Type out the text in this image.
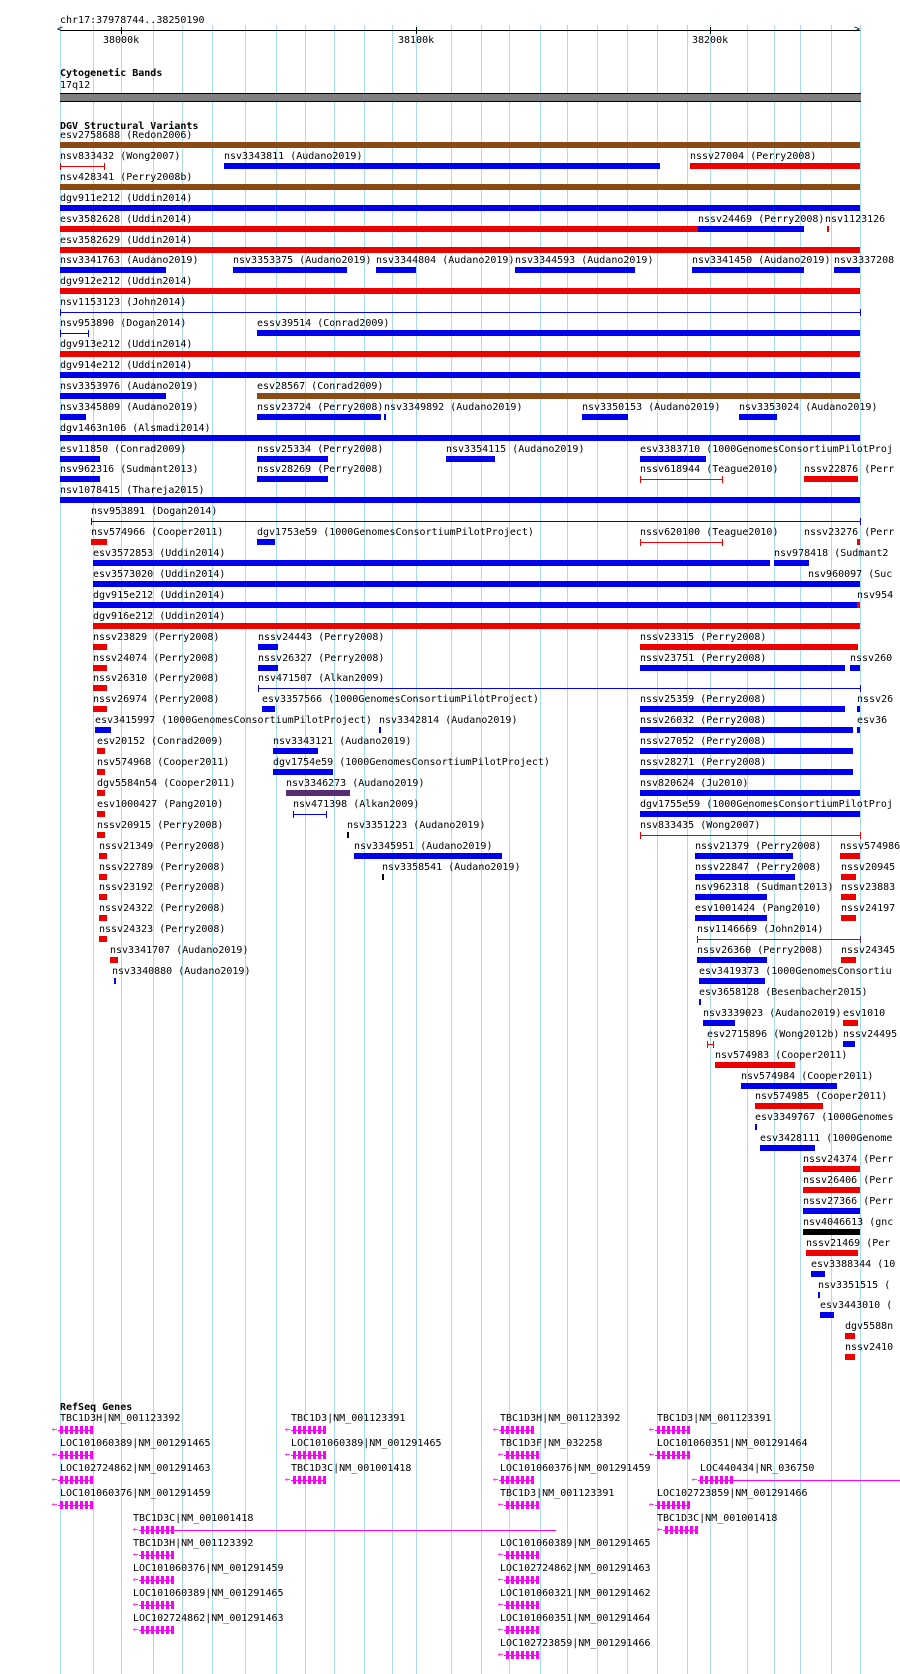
chr17:37978744..38250190
38000k	38100k	38200k
<	>
Cytogenetic Bands
17q12
DGV Structural Variants
RefSeq Genes
esv2758688 (Redon2006)
nsv833432 (Wong2007)	nsv3343811 (Audano2019)	nssv27004 (Perry2008)
nsv428341 (Perry2008b)
dgv911e212 (Uddin2014)
esv3582628 (Uddin2014)	nssv24469 (Perry2008) nsv1123126
esv3582629 (Uddin2014)
nsv3341763 (Audano2019)	nsv3353375 (Audano2019) nsv3344804 (Audano2019) nsv3344593 (Audano2019)	nsv3341450 (Audano2019) nsv3337208
dgv912e212 (Uddin2014)
nsv1153123 (John2014)
nsv953890 (Dogan2014)	essv39514 (Conrad2009)
dgv913e212 (Uddin2014)
dgv914e212 (Uddin2014)
nsv3353976 (Audano2019)	esv28567 (Conrad2009)
nsv3345809 (Audano2019)	nssv23724 (Perry2008) nsv3349892 (Audano2019)	nsv3350153 (Audano2019) nsv3353024 (Audano2019)
dgv1463n106 (Alsmadi2014)
esv11850 (Conrad2009)	nssv25334 (Perry2008)	nsv3354115 (Audano2019)	esv3383710 (1000GenomesConsortiumPilotProj
nsv962316 (Sudmant2013)	nssv28269 (Perry2008)	nssv618944 (Teague2010)	nssv22876 (Perr
nsv1078415 (Thareja2015)
nsv953891 (Dogan2014)
nsv574966 (Cooper2011)	dgv1753e59 (1000GenomesConsortiumPilotProject)	nssv620100 (Teague2010)	nssv23276 (Perr
esv3572853 (Uddin2014)	nsv978418 (Sudmant2
esv3573020 (Uddin2014)	nsv960097 (Suc
dgv915e212 (Uddin2014)	nsv954
dgv916e212 (Uddin2014)
nssv23829 (Perry2008)	nssv24443 (Perry2008)	nssv23315 (Perry2008)
nssv24074 (Perry2008)	nssv26327 (Perry2008)	nssv23751 (Perry2008)	nssv260
nssv26310 (Perry2008)	nsv471507 (Alkan2009)
nssv26974 (Perry2008)	esv3357566 (1000GenomesConsortiumPilotProject)	nssv25359 (Perry2008)	nssv26
esv3415997 (1000GenomesConsortiumPilotProject) nsv3342814 (Audano2019)	nssv26032 (Perry2008)	esv36
esv20152 (Conrad2009)	nsv3343121 (Audano2019)	nssv27052 (Perry2008)
nsv574968 (Cooper2011)	dgv1754e59 (1000GenomesConsortiumPilotProject)	nssv28271 (Perry2008)
dgv5584n54 (Cooper2011)	nsv3346273 (Audano2019)	nsv820624 (Ju2010)
esv1000427 (Pang2010)	nsv471398 (Alkan2009)	dgv1755e59 (1000GenomesConsortiumPilotProj
nssv20915 (Perry2008)	nsv3351223 (Audano2019)	nsv833435 (Wong2007)
nssv21349 (Perry2008)	nsv3345951 (Audano2019)	nssv21379 (Perry2008) nssv574986
nssv22789 (Perry2008)	nsv3358541 (Audano2019)	nssv22847 (Perry2008) nssv20945
nssv23192 (Perry2008)	nsv962318 (Sudmant2013) nssv23883
nssv24322 (Perry2008)	esv1001424 (Pang2010) nssv24197
nssv24323 (Perry2008)	nsv1146669 (John2014)
nsv3341707 (Audano2019)	nssv26360 (Perry2008) nssv24345
nsv3340880 (Audano2019)	esv3419373 (1000GenomesConsortiu
esv3658128 (Besenbacher2015)
nsv3339023 (Audano2019) esv1010
esv2715896 (Wong2012b) nssv24495
nsv574983 (Cooper2011)
nsv574984 (Cooper2011)
nsv574985 (Cooper2011)
esv3349767 (1000Genomes
esv3428111 (1000Genome
nssv24374 (Perr
nssv26406 (Perr
nssv27366 (Perr
nsv4046613 (gnc
nssv21469 (Per
esv3388344 (10
nsv3351515 (
esv3443010 (
dgv5588n
nssv2410
TBC1D3H|NM_001123392
←
LOC101060389|NM_001291465
←
LOC102724862|NM_001291463
←
LOC101060376|NM_001291459
←
TBC1D3C|NM_001001418
←
TBC1D3H|NM_001123392
←
LOC101060376|NM_001291459
←
LOC101060389|NM_001291465
←
LOC102724862|NM_001291463
←
TBC1D3|NM_001123391
←
LOC101060389|NM_001291465
←
TBC1D3C|NM_001001418
←
TBC1D3H|NM_001123392
←
TBC1D3F|NM_032258
←
LOC101060376|NM_001291459
←
TBC1D3|NM_001123391
←
LOC101060389|NM_001291465
←
LOC102724862|NM_001291463
←
LOC101060321|NM_001291462
←
LOC101060351|NM_001291464
←
LOC102723859|NM_001291466
←
TBC1D3|NM_001123391
←
LOC101060351|NM_001291464
←
LOC440434|NR_036750
←
LOC102723859|NM_001291466
←
TBC1D3C|NM_001001418
←
